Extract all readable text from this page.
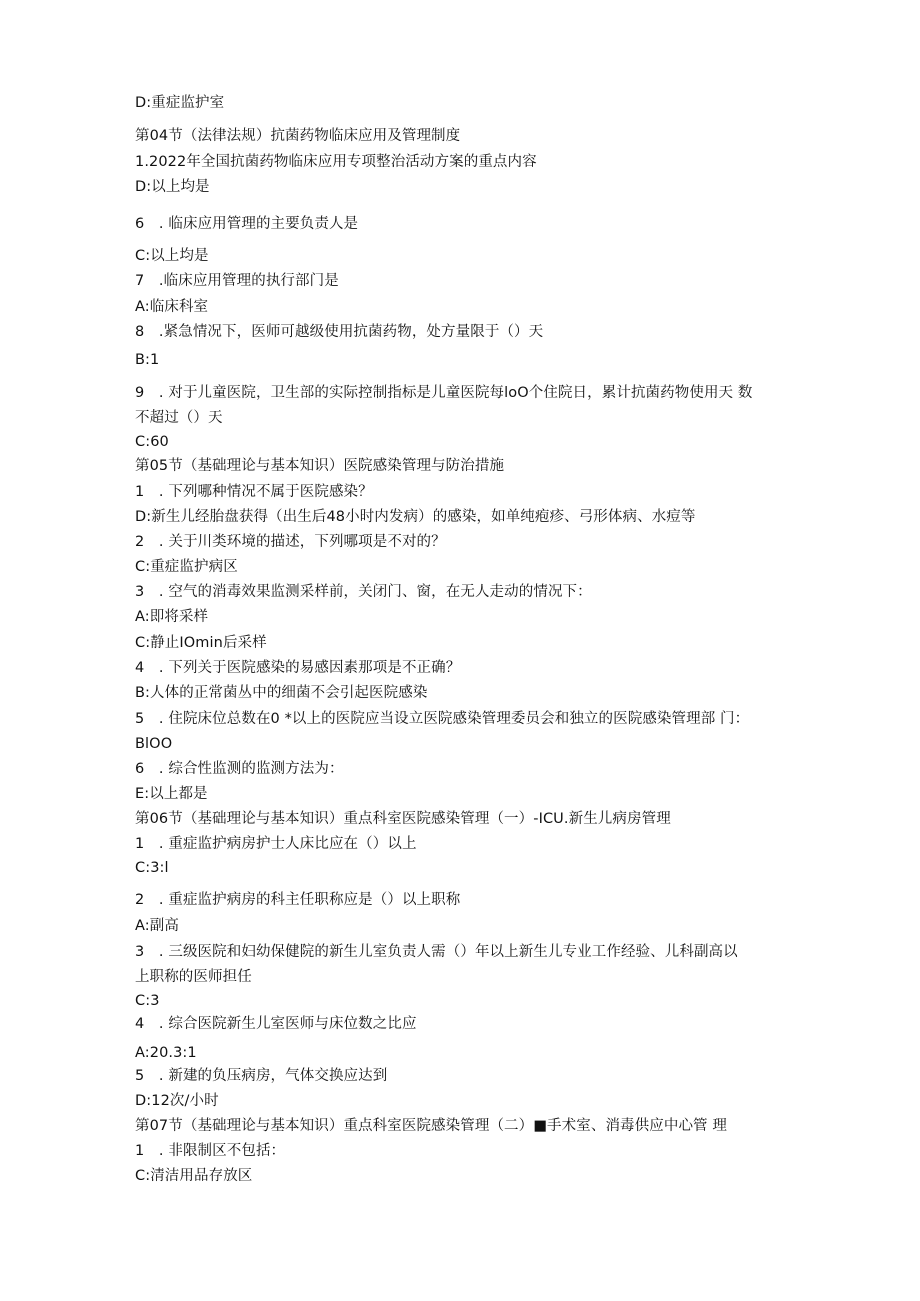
D:重症监护室
第04节（法律法规）抗菌药物临床应用及管理制度
1.2022年全国抗菌药物临床应用专项整治活动方案的重点内容
D:以上均是
6　. 临床应用管理的主要负责人是
C:以上均是
7　.临床应用管理的执行部门是
A:临床科室
8　.紧急情况下，医师可越级使用抗菌药物，处方量限于（）天
B:1
9　. 对于儿童医院，卫生部的实际控制指标是儿童医院每loO个住院日，累计抗菌药物使用天 数
不超过（）天
C:60
第05节（基础理论与基本知识）医院感染管理与防治措施
1　. 下列哪种情况不属于医院感染？
D:新生儿经胎盘获得（出生后48小时内发病）的感染，如单纯疱疹、弓形体病、水痘等
2　. 关于川类环境的描述，下列哪项是不对的？
C:重症监护病区
3　. 空气的消毒效果监测采样前，关闭门、窗，在无人走动的情况下：
A:即将采样
C:静止IOmin后采样
4　. 下列关于医院感染的易感因素那项是不正确？
B:人体的正常菌丛中的细菌不会引起医院感染
5　. 住院床位总数在0 *以上的医院应当设立医院感染管理委员会和独立的医院感染管理部 门：
BlOO
6　. 综合性监测的监测方法为：
E:以上都是
第06节（基础理论与基本知识）重点科室医院感染管理（一）-ICU.新生儿病房管理
1　. 重症监护病房护士人床比应在（）以上
C:3:l
2　. 重症监护病房的科主任职称应是（）以上职称
A:副高
3　. 三级医院和妇幼保健院的新生儿室负责人需（）年以上新生儿专业工作经验、儿科副高以
上职称的医师担任
C:3
4　. 综合医院新生儿室医师与床位数之比应
A:20.3:1
5　. 新建的负压病房，气体交换应达到
D:12次/小时
第07节（基础理论与基本知识）重点科室医院感染管理（二）■手术室、消毒供应中心管 理
1　. 非限制区不包括：
C:清洁用品存放区
